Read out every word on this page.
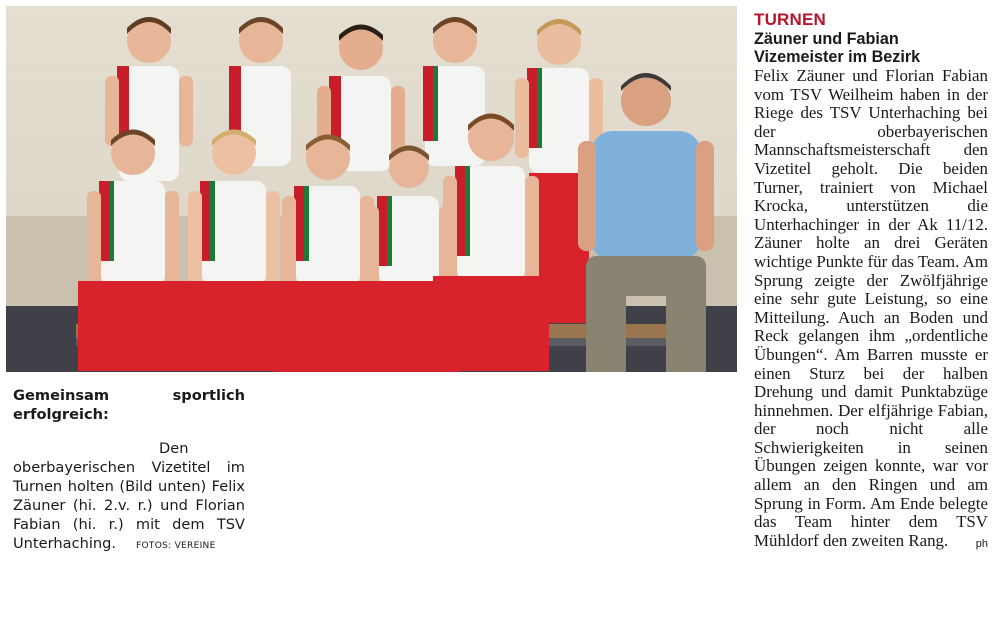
Gemeinsam sportlich erfolgreich:
Den oberbayerischen Vizetitel im Turnen holten (Bild unten) Felix Zäuner (hi. 2.v. r.) und Florian Fabian (hi. r.) mit dem TSV Unterhaching. FOTOS: VEREINE
TURNEN
Zäuner und Fabian Vizemeister im Bezirk
Felix Zäuner und Florian Fabian vom TSV Weilheim haben in der Riege des TSV Unterhaching bei der oberbayerischen Mannschaftsmeisterschaft den Vizetitel geholt. Die beiden Turner, trainiert von Michael Krocka, unterstützen die Unterhachinger in der Ak 11/12. Zäuner holte an drei Geräten wichtige Punkte für das Team. Am Sprung zeigte der Zwölfjährige eine sehr gute Leistung, so eine Mitteilung. Auch an Boden und Reck gelangen ihm „ordentliche Übungen“. Am Barren musste er einen Sturz bei der halben Drehung und damit Punktabzüge hinnehmen. Der elfjährige Fabian, der noch nicht alle Schwierigkeiten in seinen Übungen zeigen konnte, war vor allem an den Ringen und am Sprung in Form. Am Ende belegte das Team hinter dem TSV Mühldorf den zweiten Rang.	ph
